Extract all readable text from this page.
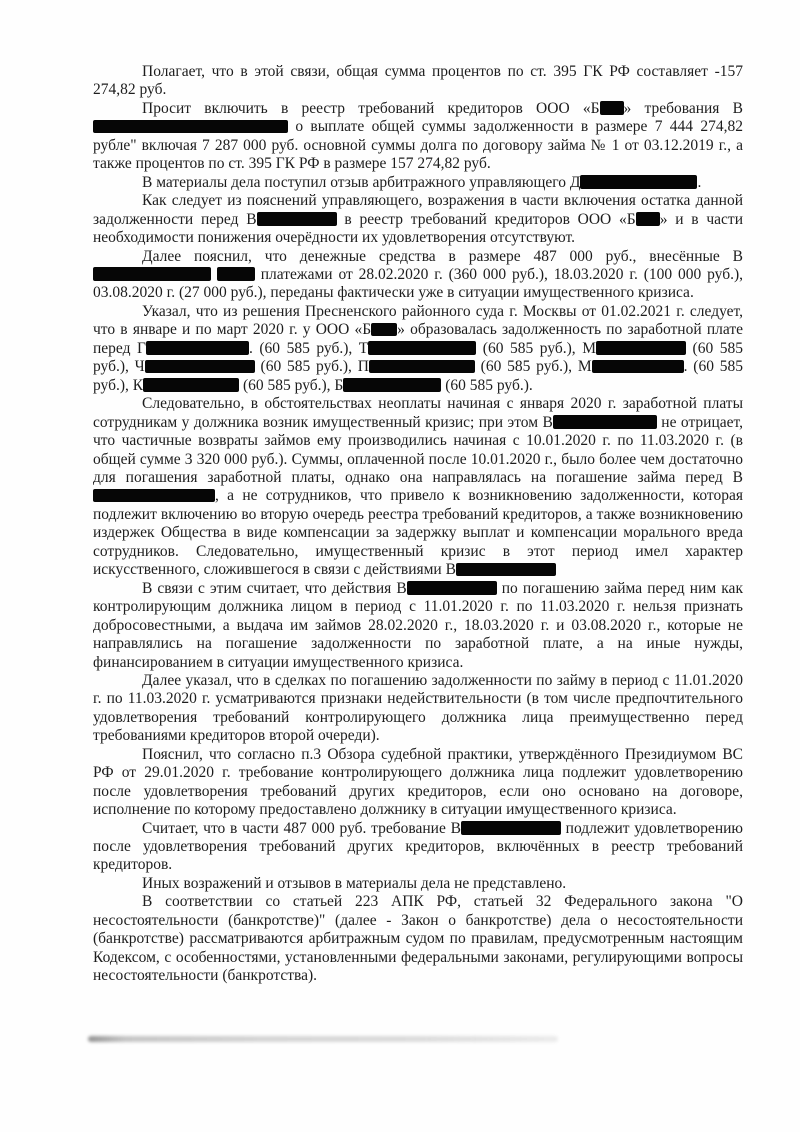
Полагает, что в этой связи, общая сумма процентов по ст. 395 ГК РФ составляет -157 274,82 руб.

Просит включить в реестр требований кредиторов ООО «Б » требования В о выплате общей суммы задолженности в размере 7 444 274,82 рубле" включая 7 287 000 руб. основной суммы долга по договору займа № 1 от 03.12.2019 г., а также процентов по ст. 395 ГК РФ в размере 157 274,82 руб.

В материалы дела поступил отзыв арбитражного управляющего Д	.

Как следует из пояснений управляющего, возражения в части включения остатка данной задолженности перед В	в реестр требований кредиторов ООО «Б » и в части необходимости понижения очерёдности их удовлетворения отсутствуют.

Далее пояснил, что денежные средства в размере 487 000 руб., внесённые В  платежами от 28.02.2020 г. (360 000 руб.), 18.03.2020 г. (100 000 руб.), 03.08.2020 г. (27 000 руб.), переданы фактически уже в ситуации имущественного кризиса.

Указал, что из решения Пресненского районного суда г. Москвы от 01.02.2021 г. следует, что в январе и по март 2020 г. у ООО «Б » образовалась задолженность по заработной плате перед Г	. (60 585 руб.), Т	(60 585 руб.), М	(60 585 руб.), Ч	(60 585 руб.), П	(60 585 руб.), М	. (60 585 руб.), К	(60 585 руб.), Б	(60 585 руб.).

Следовательно, в обстоятельствах неоплаты начиная с января 2020 г. заработной платы сотрудникам у должника возник имущественный кризис; при этом В	не отрицает, что частичные возвраты займов ему производились начиная с 10.01.2020 г. по 11.03.2020 г. (в общей сумме 3 320 000 руб.). Суммы, оплаченной после 10.01.2020 г., было более чем достаточно для погашения заработной платы, однако она направлялась на погашение займа перед В, а не сотрудников, что привело к возникновению задолженности, которая подлежит включению во вторую очередь реестра требований кредиторов, а также возникновению издержек Общества в виде компенсации за задержку выплат и компенсации морального вреда сотрудников. Следовательно, имущественный кризис в этот период имел характер искусственного, сложившегося в связи с действиями В

В связи с этим считает, что действия В	по погашению займа перед ним как контролирующим должника лицом в период с 11.01.2020 г. по 11.03.2020 г. нельзя признать добросовестными, а выдача им займов 28.02.2020 г., 18.03.2020 г. и 03.08.2020 г., которые не направлялись на погашение задолженности по заработной плате, а на иные нужды, финансированием в ситуации имущественного кризиса.

Далее указал, что в сделках по погашению задолженности по займу в период с 11.01.2020 г. по 11.03.2020 г. усматриваются признаки недействительности (в том числе предпочтительного удовлетворения требований контролирующего должника лица преимущественно перед требованиями кредиторов второй очереди).

Пояснил, что согласно п.3 Обзора судебной практики, утверждённого Президиумом ВС РФ от 29.01.2020 г. требование контролирующего должника лица подлежит удовлетворению после удовлетворения требований других кредиторов, если оно основано на договоре, исполнение по которому предоставлено должнику в ситуации имущественного кризиса.

Считает, что в части 487 000 руб. требование В	подлежит удовлетворению после удовлетворения требований других кредиторов, включённых в реестр требований кредиторов.

Иных возражений и отзывов в материалы дела не представлено.

В соответствии со статьей 223 АПК РФ, статьей 32 Федерального закона "О несостоятельности (банкротстве)" (далее - Закон о банкротстве) дела о несостоятельности (банкротстве) рассматриваются арбитражным судом по правилам, предусмотренным настоящим Кодексом, с особенностями, установленными федеральными законами, регулирующими вопросы несостоятельности (банкротства).
